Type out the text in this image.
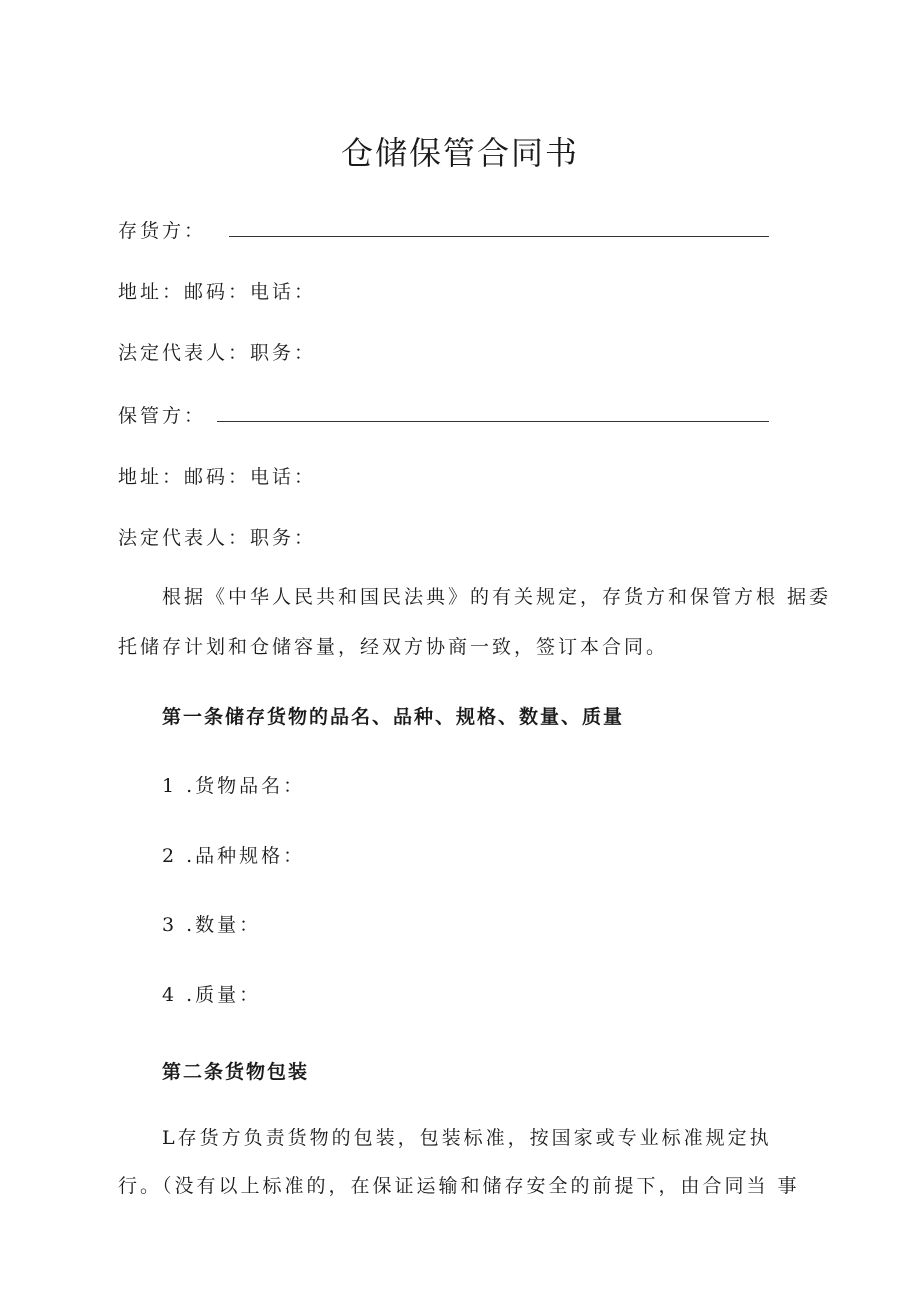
仓储保管合同书
存货方：
地址：邮码：电话：
法定代表人：职务：
保管方：
地址：邮码：电话：
法定代表人：职务：
根据《中华人民共和国民法典》的有关规定，存货方和保管方根 据委
托储存计划和仓储容量，经双方协商一致，签订本合同。
第一条储存货物的品名、品种、规格、数量、质量
1 .货物品名：
2 .品种规格：
3 .数量：
4 .质量：
第二条货物包装
L存货方负责货物的包装，包装标准，按国家或专业标准规定执
行。（没有以上标准的，在保证运输和储存安全的前提下，由合同当 事
